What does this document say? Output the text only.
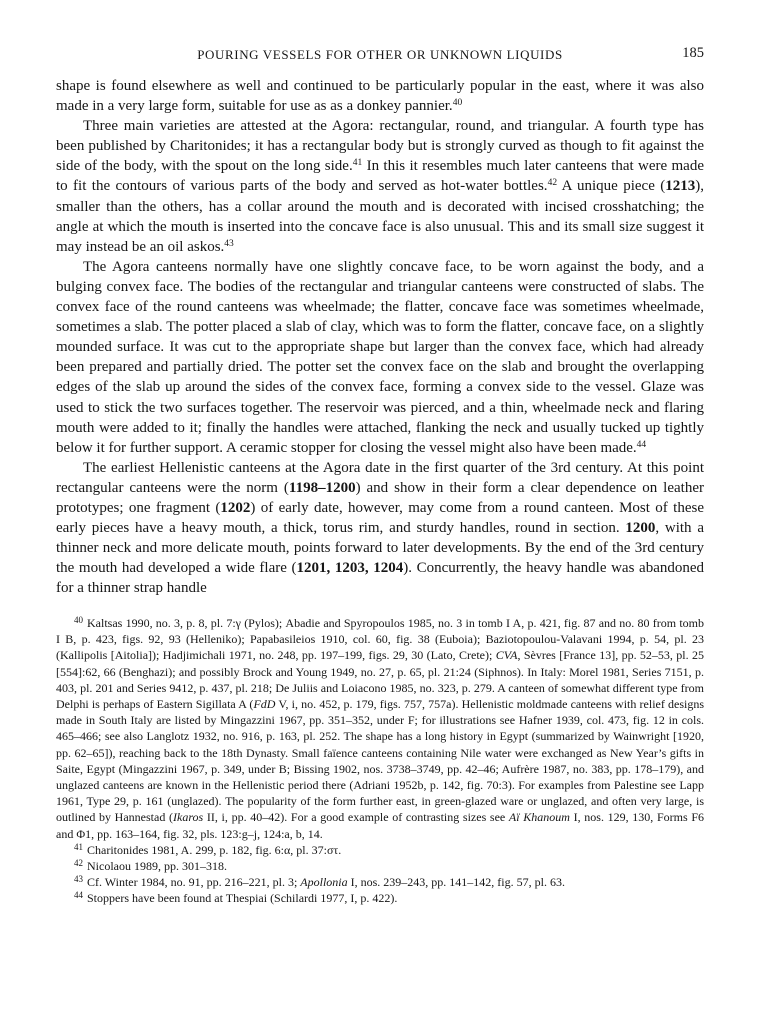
POURING VESSELS FOR OTHER OR UNKNOWN LIQUIDS	185

shape is found elsewhere as well and continued to be particularly popular in the east, where it was also made in a very large form, suitable for use as as a donkey pannier.$^{40}$

Three main varieties are attested at the Agora: rectangular, round, and triangular. A fourth type has been published by Charitonides; it has a rectangular body but is strongly curved as though to fit against the side of the body, with the spout on the long side.$^{41}$ In this it resembles much later canteens that were made to fit the contours of various parts of the body and served as hot-water bottles.$^{42}$ A unique piece (1213), smaller than the others, has a collar around the mouth and is decorated with incised crosshatching; the angle at which the mouth is inserted into the concave face is also unusual. This and its small size suggest it may instead be an oil askos.$^{43}$

The Agora canteens normally have one slightly concave face, to be worn against the body, and a bulging convex face. The bodies of the rectangular and triangular canteens were constructed of slabs. The convex face of the round canteens was wheelmade; the flatter, concave face was sometimes wheelmade, sometimes a slab. The potter placed a slab of clay, which was to form the flatter, concave face, on a slightly mounded surface. It was cut to the appropriate shape but larger than the convex face, which had already been prepared and partially dried. The potter set the convex face on the slab and brought the overlapping edges of the slab up around the sides of the convex face, forming a convex side to the vessel. Glaze was used to stick the two surfaces together. The reservoir was pierced, and a thin, wheelmade neck and flaring mouth were added to it; finally the handles were attached, flanking the neck and usually tucked up tightly below it for further support. A ceramic stopper for closing the vessel might also have been made.$^{44}$

The earliest Hellenistic canteens at the Agora date in the first quarter of the 3rd century. At this point rectangular canteens were the norm (1198–1200) and show in their form a clear dependence on leather prototypes; one fragment (1202) of early date, however, may come from a round canteen. Most of these early pieces have a heavy mouth, a thick, torus rim, and sturdy handles, round in section. 1200, with a thinner neck and more delicate mouth, points forward to later developments. By the end of the 3rd century the mouth had developed a wide flare (1201, 1203, 1204). Concurrently, the heavy handle was abandoned for a thinner strap handle

$^{40}$ Kaltsas 1990, no. 3, p. 8, pl. 7:γ (Pylos); Abadie and Spyropoulos 1985, no. 3 in tomb I A, p. 421, fig. 87 and no. 80 from tomb I B, p. 423, figs. 92, 93 (Helleniko); Papabasileios 1910, col. 60, fig. 38 (Euboia); Baziotopoulou-Valavani 1994, p. 54, pl. 23 (Kallipolis [Aitolia]); Hadjimichali 1971, no. 248, pp. 197–199, figs. 29, 30 (Lato, Crete); CVA, Sèvres [France 13], pp. 52–53, pl. 25 [554]:62, 66 (Benghazi); and possibly Brock and Young 1949, no. 27, p. 65, pl. 21:24 (Siphnos). In Italy: Morel 1981, Series 7151, p. 403, pl. 201 and Series 9412, p. 437, pl. 218; De Juliis and Loiacono 1985, no. 323, p. 279. A canteen of somewhat different type from Delphi is perhaps of Eastern Sigillata A (FdD V, i, no. 452, p. 179, figs. 757, 757a). Hellenistic moldmade canteens with relief designs made in South Italy are listed by Mingazzini 1967, pp. 351–352, under F; for illustrations see Hafner 1939, col. 473, fig. 12 in cols. 465–466; see also Langlotz 1932, no. 916, p. 163, pl. 252. The shape has a long history in Egypt (summarized by Wainwright [1920, pp. 62–65]), reaching back to the 18th Dynasty. Small faïence canteens containing Nile water were exchanged as New Year’s gifts in Saite, Egypt (Mingazzini 1967, p. 349, under B; Bissing 1902, nos. 3738–3749, pp. 42–46; Aufrère 1987, no. 383, pp. 178–179), and unglazed canteens are known in the Hellenistic period there (Adriani 1952b, p. 142, fig. 70:3). For examples from Palestine see Lapp 1961, Type 29, p. 161 (unglazed). The popularity of the form further east, in green-glazed ware or unglazed, and often very large, is outlined by Hannestad (Ikaros II, i, pp. 40–42). For a good example of contrasting sizes see Aï Khanoum I, nos. 129, 130, Forms F6 and Φ1, pp. 163–164, fig. 32, pls. 123:g–j, 124:a, b, 14.

$^{41}$ Charitonides 1981, A. 299, p. 182, fig. 6:α, pl. 37:στ.

$^{42}$ Nicolaou 1989, pp. 301–318.

$^{43}$ Cf. Winter 1984, no. 91, pp. 216–221, pl. 3; Apollonia I, nos. 239–243, pp. 141–142, fig. 57, pl. 63.

$^{44}$ Stoppers have been found at Thespiai (Schilardi 1977, I, p. 422).
